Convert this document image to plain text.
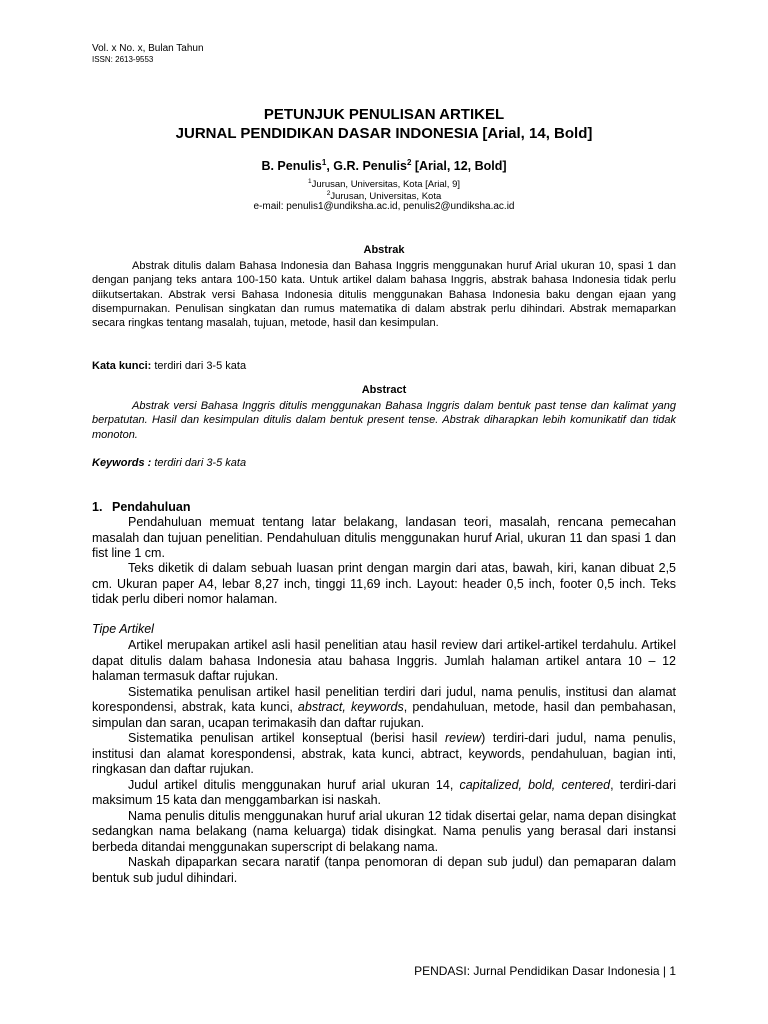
Vol. x No. x, Bulan Tahun
ISSN: 2613-9553
PETUNJUK PENULISAN ARTIKEL
JURNAL PENDIDIKAN DASAR INDONESIA [Arial, 14, Bold]
B. Penulis$^1$, G.R. Penulis$^2$ [Arial, 12, Bold]
$^1$Jurusan, Universitas, Kota [Arial, 9]
$^2$Jurusan, Universitas, Kota
e-mail: penulis1@undiksha.ac.id, penulis2@undiksha.ac.id
Abstrak
Abstrak ditulis dalam Bahasa Indonesia dan Bahasa Inggris menggunakan huruf Arial ukuran 10, spasi 1 dan dengan panjang teks antara 100-150 kata. Untuk artikel dalam bahasa Inggris, abstrak bahasa Indonesia tidak perlu diikutsertakan. Abstrak versi Bahasa Indonesia ditulis menggunakan Bahasa Indonesia baku dengan ejaan yang disempurnakan. Penulisan singkatan dan rumus matematika di dalam abstrak perlu dihindari. Abstrak memaparkan secara ringkas tentang masalah, tujuan, metode, hasil dan kesimpulan.
Kata kunci: terdiri dari 3-5 kata
Abstract
Abstrak versi Bahasa Inggris ditulis menggunakan Bahasa Inggris dalam bentuk past tense dan kalimat yang berpatutan. Hasil dan kesimpulan ditulis dalam bentuk present tense. Abstrak diharapkan lebih komunikatif dan tidak monoton.
Keywords : terdiri dari 3-5 kata
1. Pendahuluan

Pendahuluan memuat tentang latar belakang, landasan teori, masalah, rencana pemecahan masalah dan tujuan penelitian. Pendahuluan ditulis menggunakan huruf Arial, ukuran 11 dan spasi 1 dan fist line 1 cm.

Teks diketik di dalam sebuah luasan print dengan margin dari atas, bawah, kiri, kanan dibuat 2,5 cm. Ukuran paper A4, lebar 8,27 inch, tinggi 11,69 inch. Layout: header 0,5 inch, footer 0,5 inch. Teks tidak perlu diberi nomor halaman.

Tipe Artikel

Artikel merupakan artikel asli hasil penelitian atau hasil review dari artikel-artikel terdahulu. Artikel dapat ditulis dalam bahasa Indonesia atau bahasa Inggris. Jumlah halaman artikel antara 10 – 12 halaman termasuk daftar rujukan.

Sistematika penulisan artikel hasil penelitian terdiri dari judul, nama penulis, institusi dan alamat korespondensi, abstrak, kata kunci, abstract, keywords, pendahuluan, metode, hasil dan pembahasan, simpulan dan saran, ucapan terimakasih dan daftar rujukan.

Sistematika penulisan artikel konseptual (berisi hasil review) terdiri-dari judul, nama penulis, institusi dan alamat korespondensi, abstrak, kata kunci, abtract, keywords, pendahuluan, bagian inti, ringkasan dan daftar rujukan.

Judul artikel ditulis menggunakan huruf arial ukuran 14, capitalized, bold, centered, terdiri-dari maksimum 15 kata dan menggambarkan isi naskah.

Nama penulis ditulis menggunakan huruf arial ukuran 12 tidak disertai gelar, nama depan disingkat sedangkan nama belakang (nama keluarga) tidak disingkat. Nama penulis yang berasal dari instansi berbeda ditandai menggunakan superscript di belakang nama.

Naskah dipaparkan secara naratif (tanpa penomoran di depan sub judul) dan pemaparan dalam bentuk sub judul dihindari.

PENDASI: Jurnal Pendidikan Dasar Indonesia | 1
